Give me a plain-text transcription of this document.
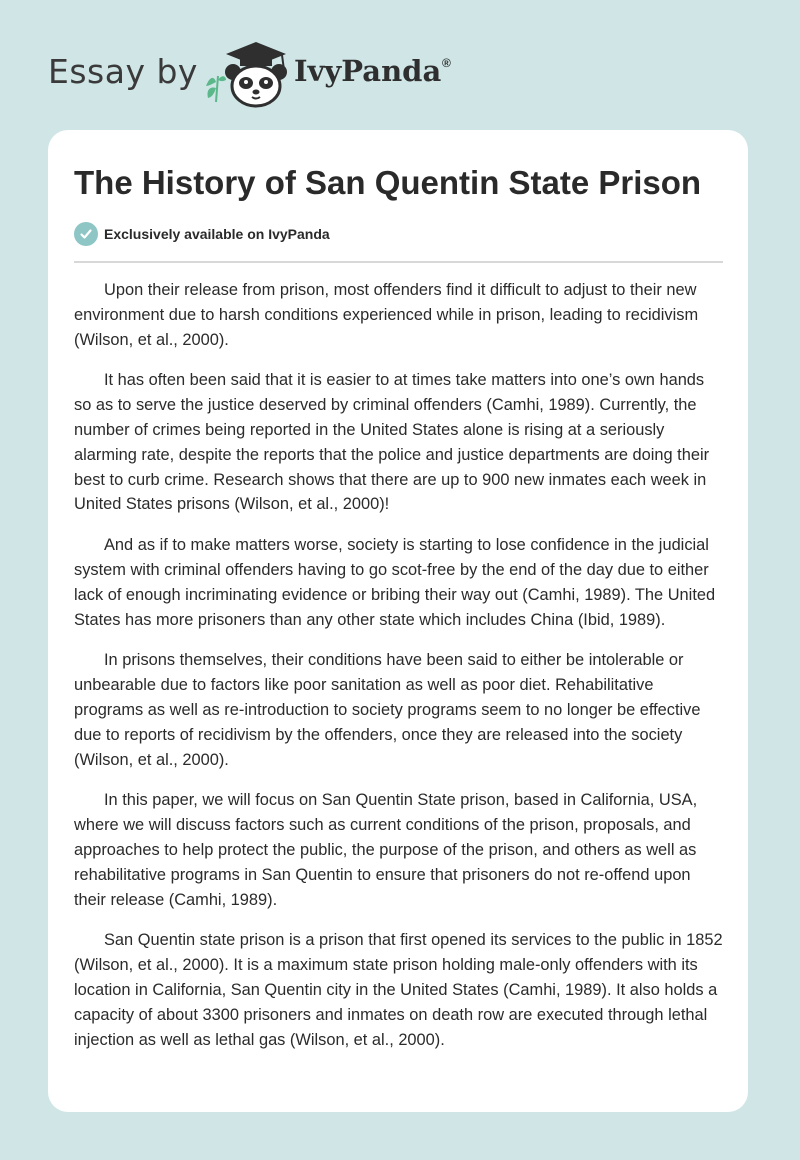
Essay by	IvyPanda ®
The History of San Quentin State Prison
Exclusively available on IvyPanda

Upon their release from prison, most offenders find it difficult to adjust to their new environment due to harsh conditions experienced while in prison, leading to recidivism (Wilson, et al., 2000).

It has often been said that it is easier to at times take matters into one’s own hands so as to serve the justice deserved by criminal offenders (Camhi, 1989). Currently, the number of crimes being reported in the United States alone is rising at a seriously alarming rate, despite the reports that the police and justice departments are doing their best to curb crime. Research shows that there are up to 900 new inmates each week in United States prisons (Wilson, et al., 2000)!

And as if to make matters worse, society is starting to lose confidence in the judicial system with criminal offenders having to go scot-free by the end of the day due to either lack of enough incriminating evidence or bribing their way out (Camhi, 1989). The United States has more prisoners than any other state which includes China (Ibid, 1989).

In prisons themselves, their conditions have been said to either be intolerable or unbearable due to factors like poor sanitation as well as poor diet. Rehabilitative programs as well as re-introduction to society programs seem to no longer be effective due to reports of recidivism by the offenders, once they are released into the society (Wilson, et al., 2000).

In this paper, we will focus on San Quentin State prison, based in California, USA, where we will discuss factors such as current conditions of the prison, proposals, and approaches to help protect the public, the purpose of the prison, and others as well as rehabilitative programs in San Quentin to ensure that prisoners do not re-offend upon their release (Camhi, 1989).

San Quentin state prison is a prison that first opened its services to the public in 1852 (Wilson, et al., 2000). It is a maximum state prison holding male-only offenders with its location in California, San Quentin city in the United States (Camhi, 1989). It also holds a capacity of about 3300 prisoners and inmates on death row are executed through lethal injection as well as lethal gas (Wilson, et al., 2000).
